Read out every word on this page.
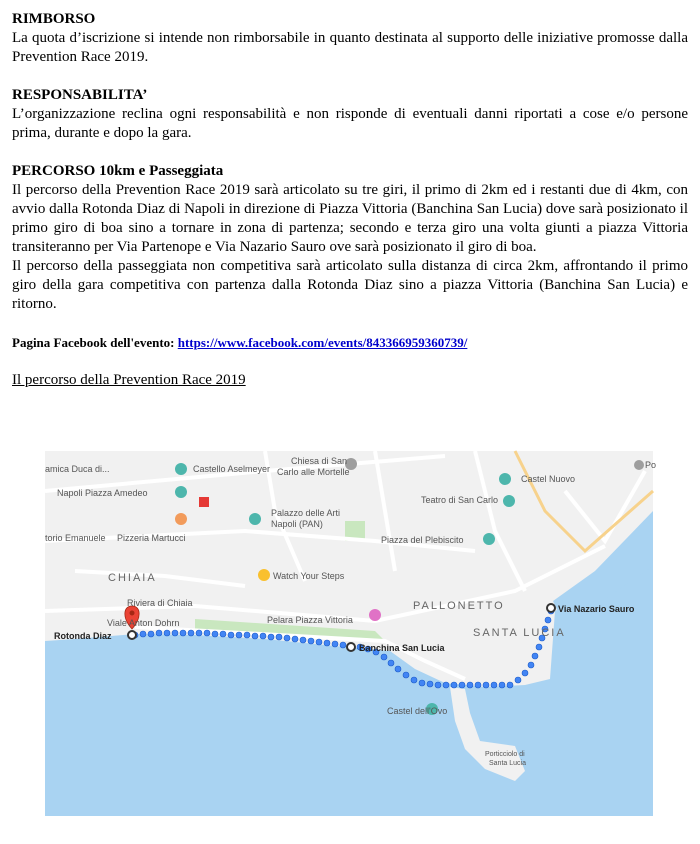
RIMBORSO

La quota d’iscrizione si intende non rimborsabile in quanto destinata al supporto delle iniziative promosse dalla Prevention Race 2019.

RESPONSABILITA’

L’organizzazione reclina ogni responsabilità e non risponde di eventuali danni riportati a cose e/o persone prima, durante e dopo la gara.

PERCORSO 10km e Passeggiata

Il percorso della Prevention Race 2019 sarà articolato su tre giri, il primo di 2km ed i restanti due di 4km, con avvio dalla Rotonda Diaz di Napoli in direzione di Piazza Vittoria (Banchina San Lucia) dove sarà posizionato il primo giro di boa sino a tornare in zona di partenza; secondo e terza giro una volta giunti a piazza Vittoria transiteranno per Via Partenope e Via Nazario Sauro ove sarà posizionato il giro di boa.

Il percorso della passeggiata non competitiva sarà articolato sulla distanza di circa 2km, affrontando il primo giro della gara competitiva con partenza dalla Rotonda Diaz sino a piazza Vittoria (Banchina San Lucia) e ritorno.

Pagina Facebook dell'evento: https://www.facebook.com/events/843366959360739/

Il percorso della Prevention Race 2019

Castello Aselmeyer
amica Duca di...
Chiesa di San
Carlo alle Mortelle
Castel Nuovo
Napoli Piazza Amedeo
Teatro di San Carlo
Palazzo delle Arti
Napoli (PAN)
torio Emanuele Pizzeria Martucci	Piazza del Plebiscito
CHIAIA	Watch Your Steps
Riviera di Chiaia	PALLONETTO
SANTA LUCIA
Viale Anton Dohrn	Pelara Piazza Vittoria
Castel dell'Ovo
Porticciolo di
Santa Lucia
Po
Rotonda Diaz
Banchina San Lucia
Via Nazario Sauro
